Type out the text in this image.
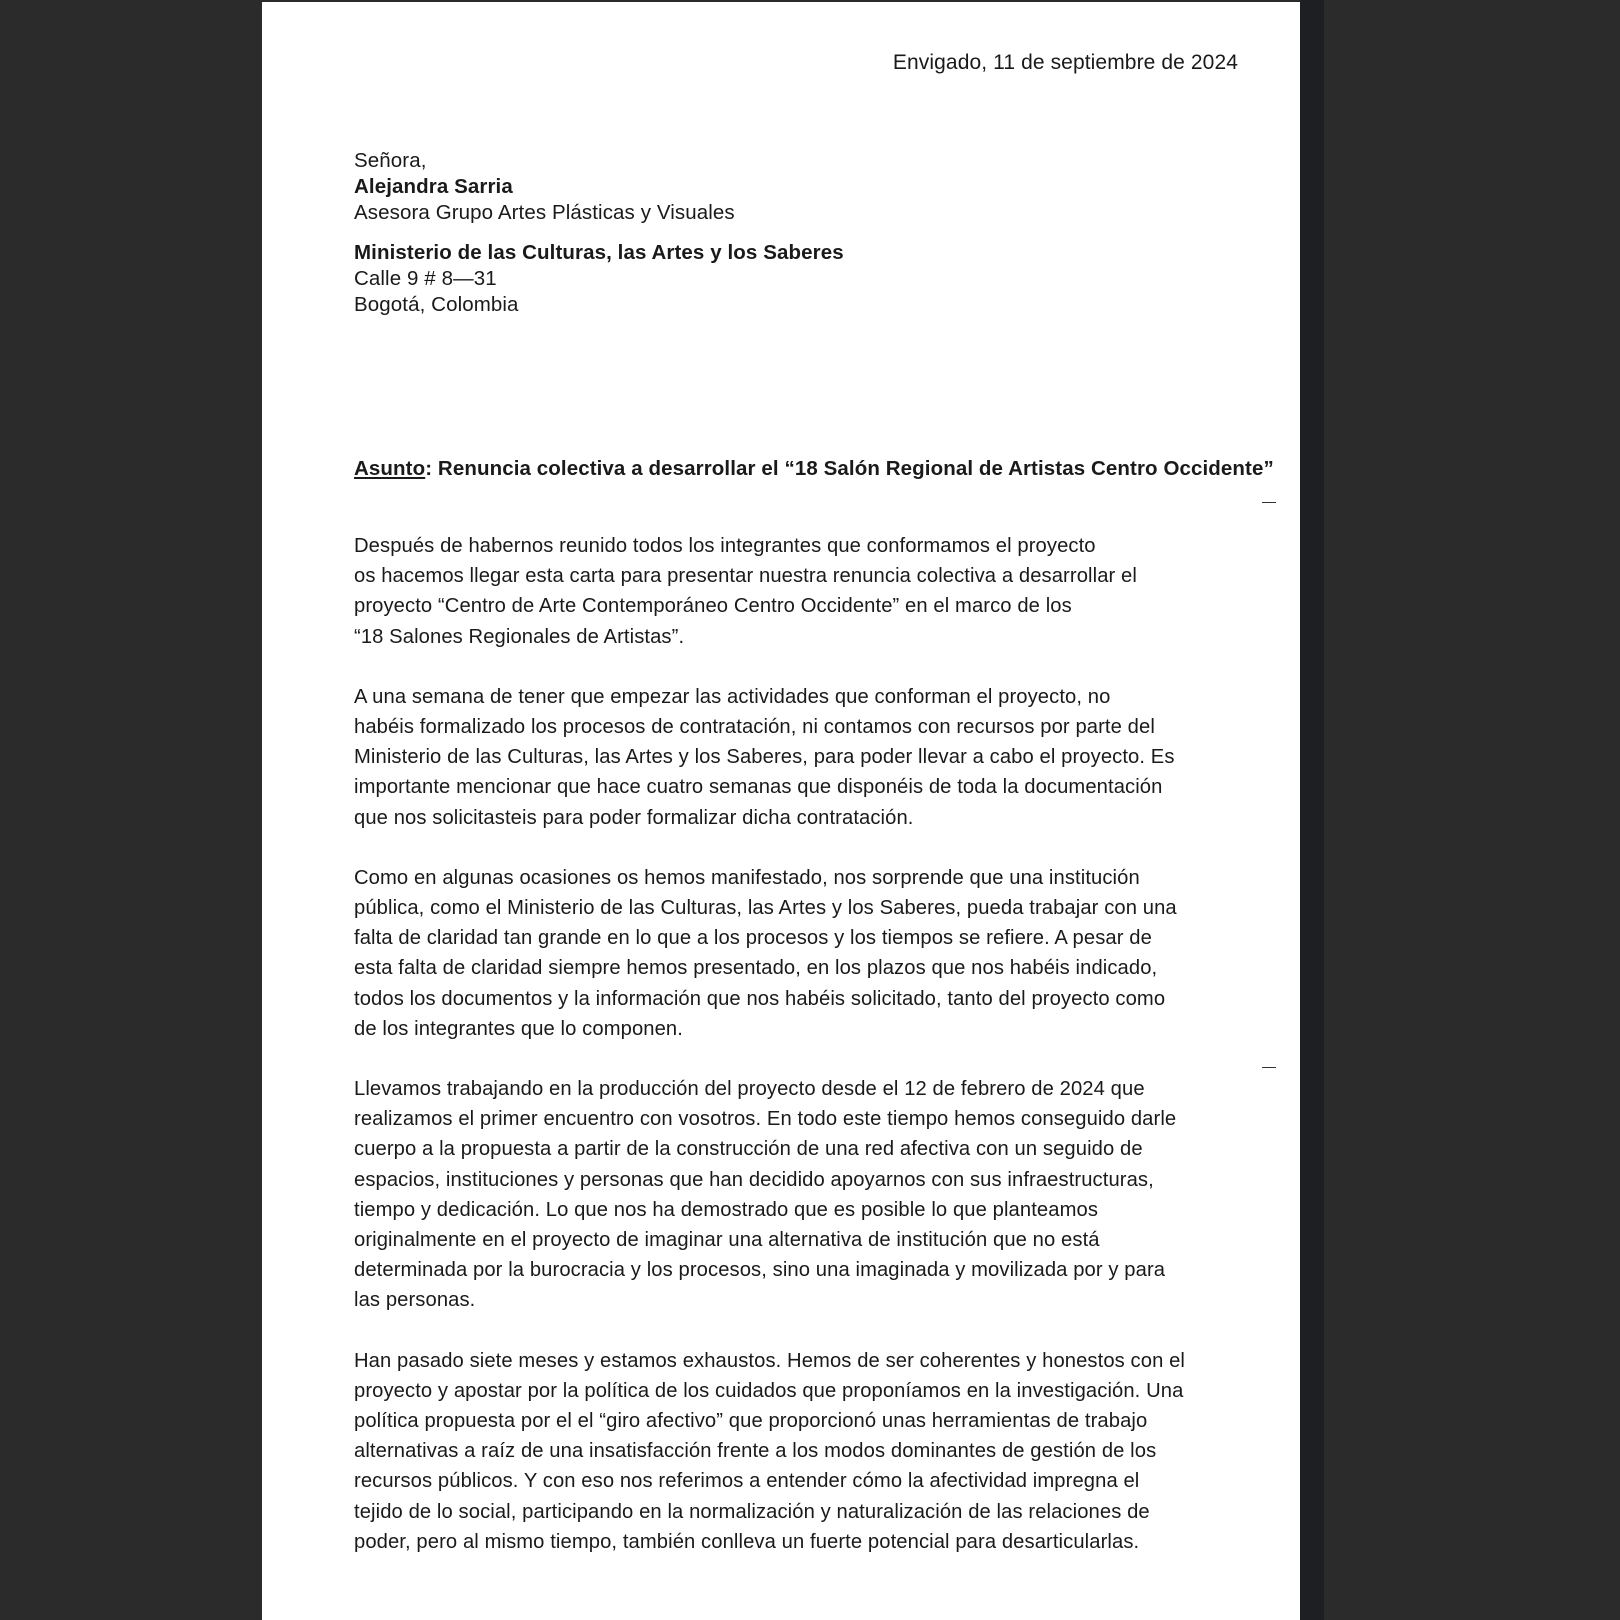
Envigado, 11 de septiembre de 2024
Señora,
Alejandra Sarria
Asesora Grupo Artes Plásticas y Visuales
Ministerio de las Culturas, las Artes y los Saberes
Calle 9 # 8—31
Bogotá, Colombia
Asunto: Renuncia colectiva a desarrollar el “18 Salón Regional de Artistas Centro Occidente”
Después de habernos reunido todos los integrantes que conformamos el proyecto
os hacemos llegar esta carta para presentar nuestra renuncia colectiva a desarrollar el
proyecto “Centro de Arte Contemporáneo Centro Occidente” en el marco de los
“18 Salones Regionales de Artistas”.
A una semana de tener que empezar las actividades que conforman el proyecto, no
habéis formalizado los procesos de contratación, ni contamos con recursos por parte del
Ministerio de las Culturas, las Artes y los Saberes, para poder llevar a cabo el proyecto. Es
importante mencionar que hace cuatro semanas que disponéis de toda la documentación
que nos solicitasteis para poder formalizar dicha contratación.
Como en algunas ocasiones os hemos manifestado, nos sorprende que una institución
pública, como el Ministerio de las Culturas, las Artes y los Saberes, pueda trabajar con una
falta de claridad tan grande en lo que a los procesos y los tiempos se refiere. A pesar de
esta falta de claridad siempre hemos presentado, en los plazos que nos habéis indicado,
todos los documentos y la información que nos habéis solicitado, tanto del proyecto como
de los integrantes que lo componen.
Llevamos trabajando en la producción del proyecto desde el 12 de febrero de 2024 que
realizamos el primer encuentro con vosotros. En todo este tiempo hemos conseguido darle
cuerpo a la propuesta a partir de la construcción de una red afectiva con un seguido de
espacios, instituciones y personas que han decidido apoyarnos con sus infraestructuras,
tiempo y dedicación. Lo que nos ha demostrado que es posible lo que planteamos
originalmente en el proyecto de imaginar una alternativa de institución que no está
determinada por la burocracia y los procesos, sino una imaginada y movilizada por y para
las personas.
Han pasado siete meses y estamos exhaustos. Hemos de ser coherentes y honestos con el
proyecto y apostar por la política de los cuidados que proponíamos en la investigación. Una
política propuesta por el el “giro afectivo” que proporcionó unas herramientas de trabajo
alternativas a raíz de una insatisfacción frente a los modos dominantes de gestión de los
recursos públicos. Y con eso nos referimos a entender cómo la afectividad impregna el
tejido de lo social, participando en la normalización y naturalización de las relaciones de
poder, pero al mismo tiempo, también conlleva un fuerte potencial para desarticularlas.
